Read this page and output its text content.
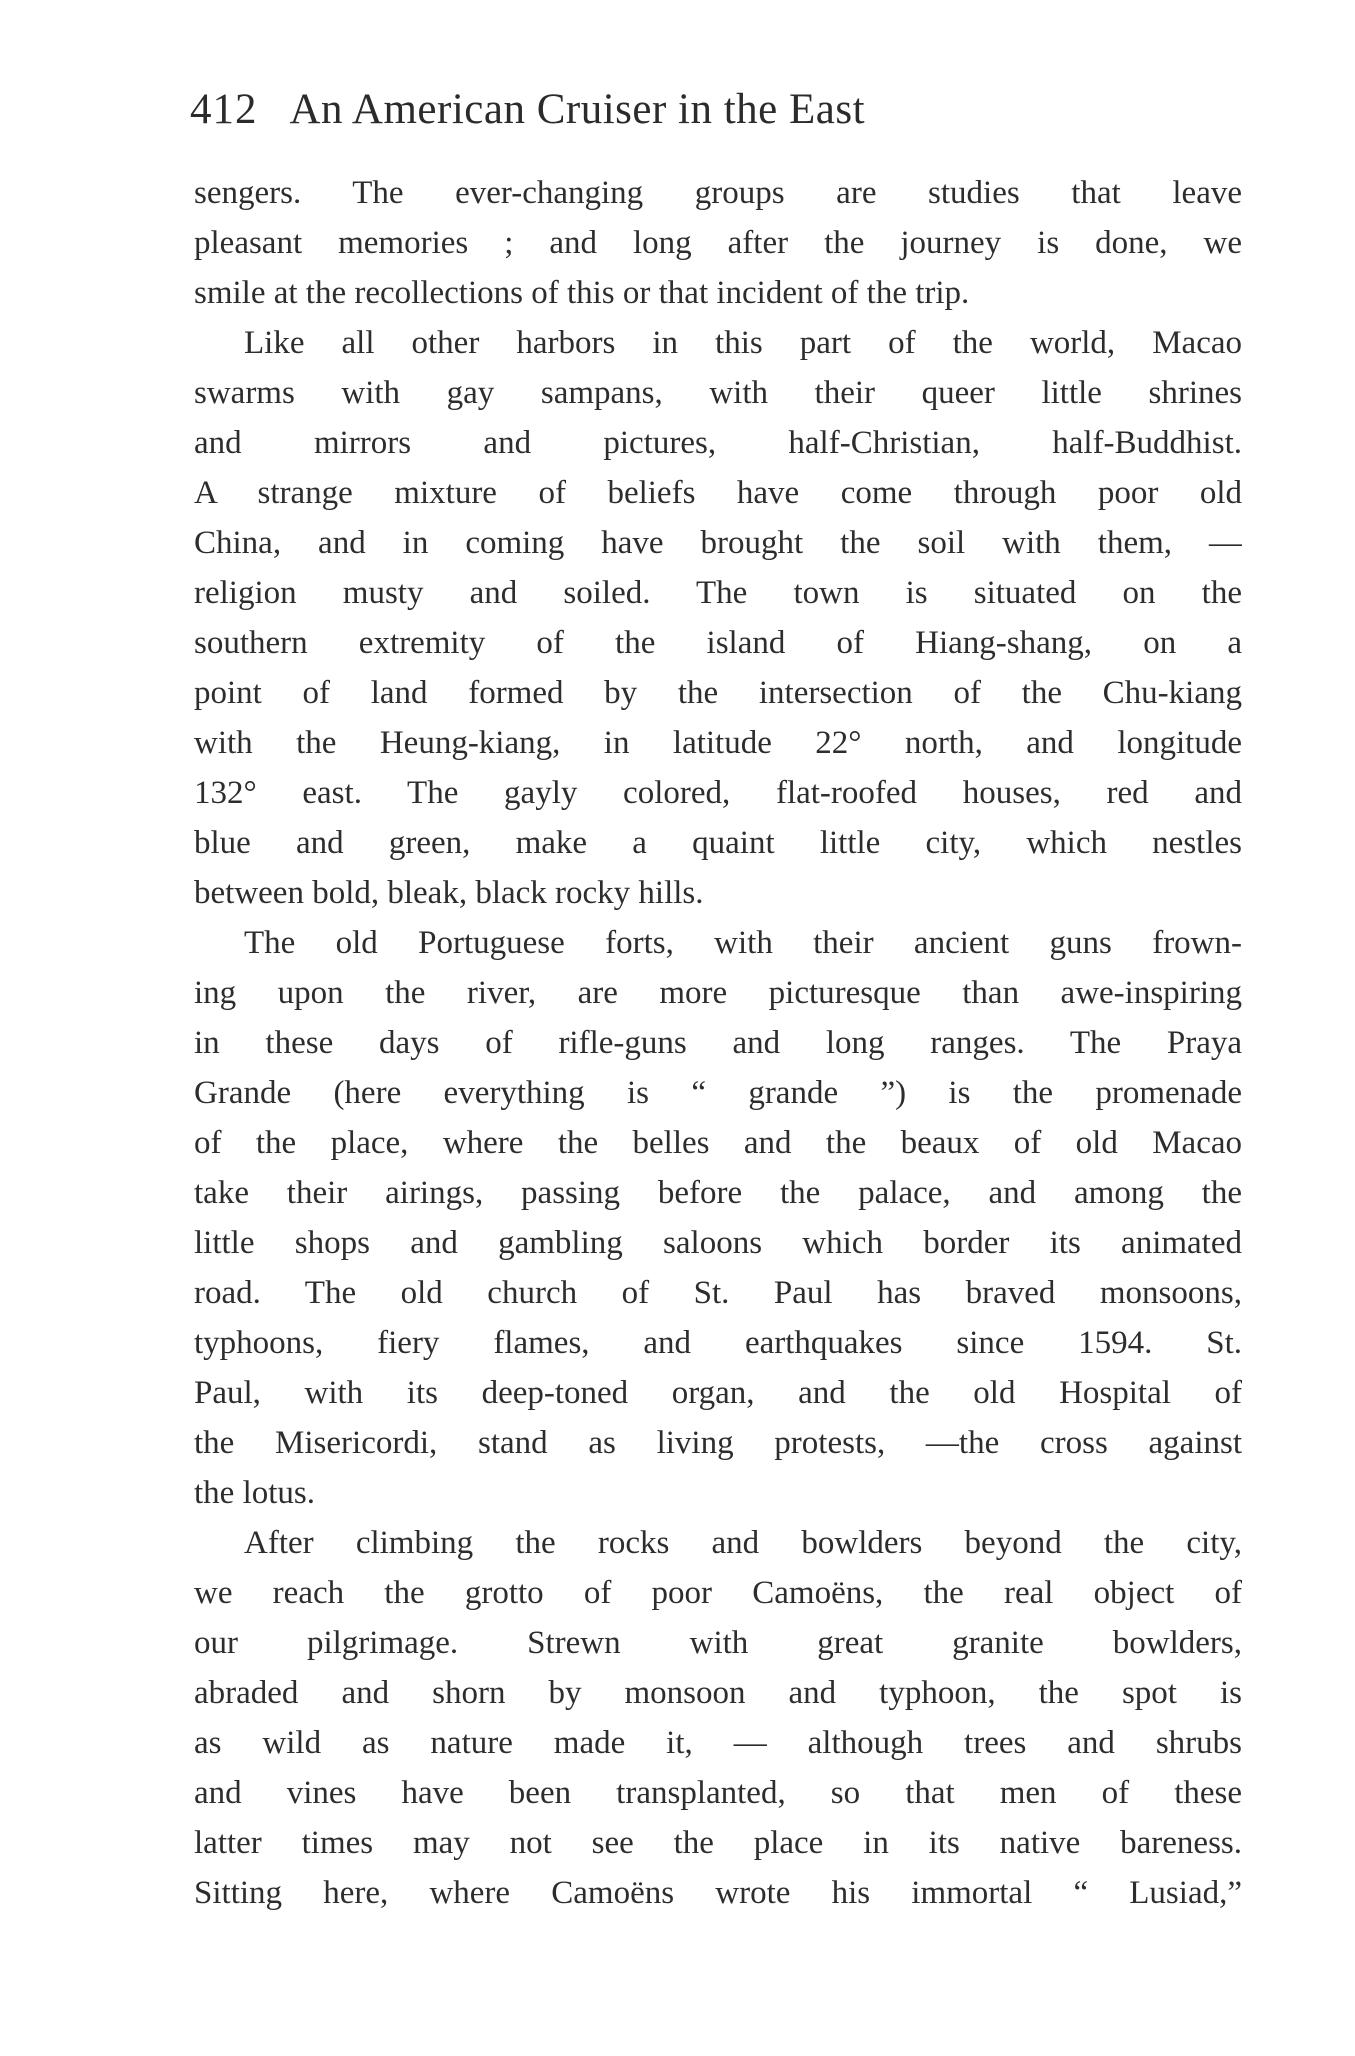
412 An American Cruiser in the East
sengers. The ever-changing groups are studies that leave
pleasant memories ; and long after the journey is done, we
smile at the recollections of this or that incident of the trip.
Like all other harbors in this part of the world, Macao
swarms with gay sampans, with their queer little shrines
and mirrors and pictures, half-Christian, half-Buddhist.
A strange mixture of beliefs have come through poor old
China, and in coming have brought the soil with them, —
religion musty and soiled. The town is situated on the
southern extremity of the island of Hiang-shang, on a
point of land formed by the intersection of the Chu-kiang
with the Heung-kiang, in latitude 22° north, and longitude
132° east. The gayly colored, flat-roofed houses, red and
blue and green, make a quaint little city, which nestles
between bold, bleak, black rocky hills.
The old Portuguese forts, with their ancient guns frown-
ing upon the river, are more picturesque than awe-inspiring
in these days of rifle-guns and long ranges. The Praya
Grande (here everything is “ grande ”) is the promenade
of the place, where the belles and the beaux of old Macao
take their airings, passing before the palace, and among the
little shops and gambling saloons which border its animated
road. The old church of St. Paul has braved monsoons,
typhoons, fiery flames, and earthquakes since 1594. St.
Paul, with its deep-toned organ, and the old Hospital of
the Misericordi, stand as living protests, —the cross against
the lotus.
After climbing the rocks and bowlders beyond the city,
we reach the grotto of poor Camoëns, the real object of
our pilgrimage. Strewn with great granite bowlders,
abraded and shorn by monsoon and typhoon, the spot is
as wild as nature made it, — although trees and shrubs
and vines have been transplanted, so that men of these
latter times may not see the place in its native bareness.
Sitting here, where Camoëns wrote his immortal “ Lusiad,”
